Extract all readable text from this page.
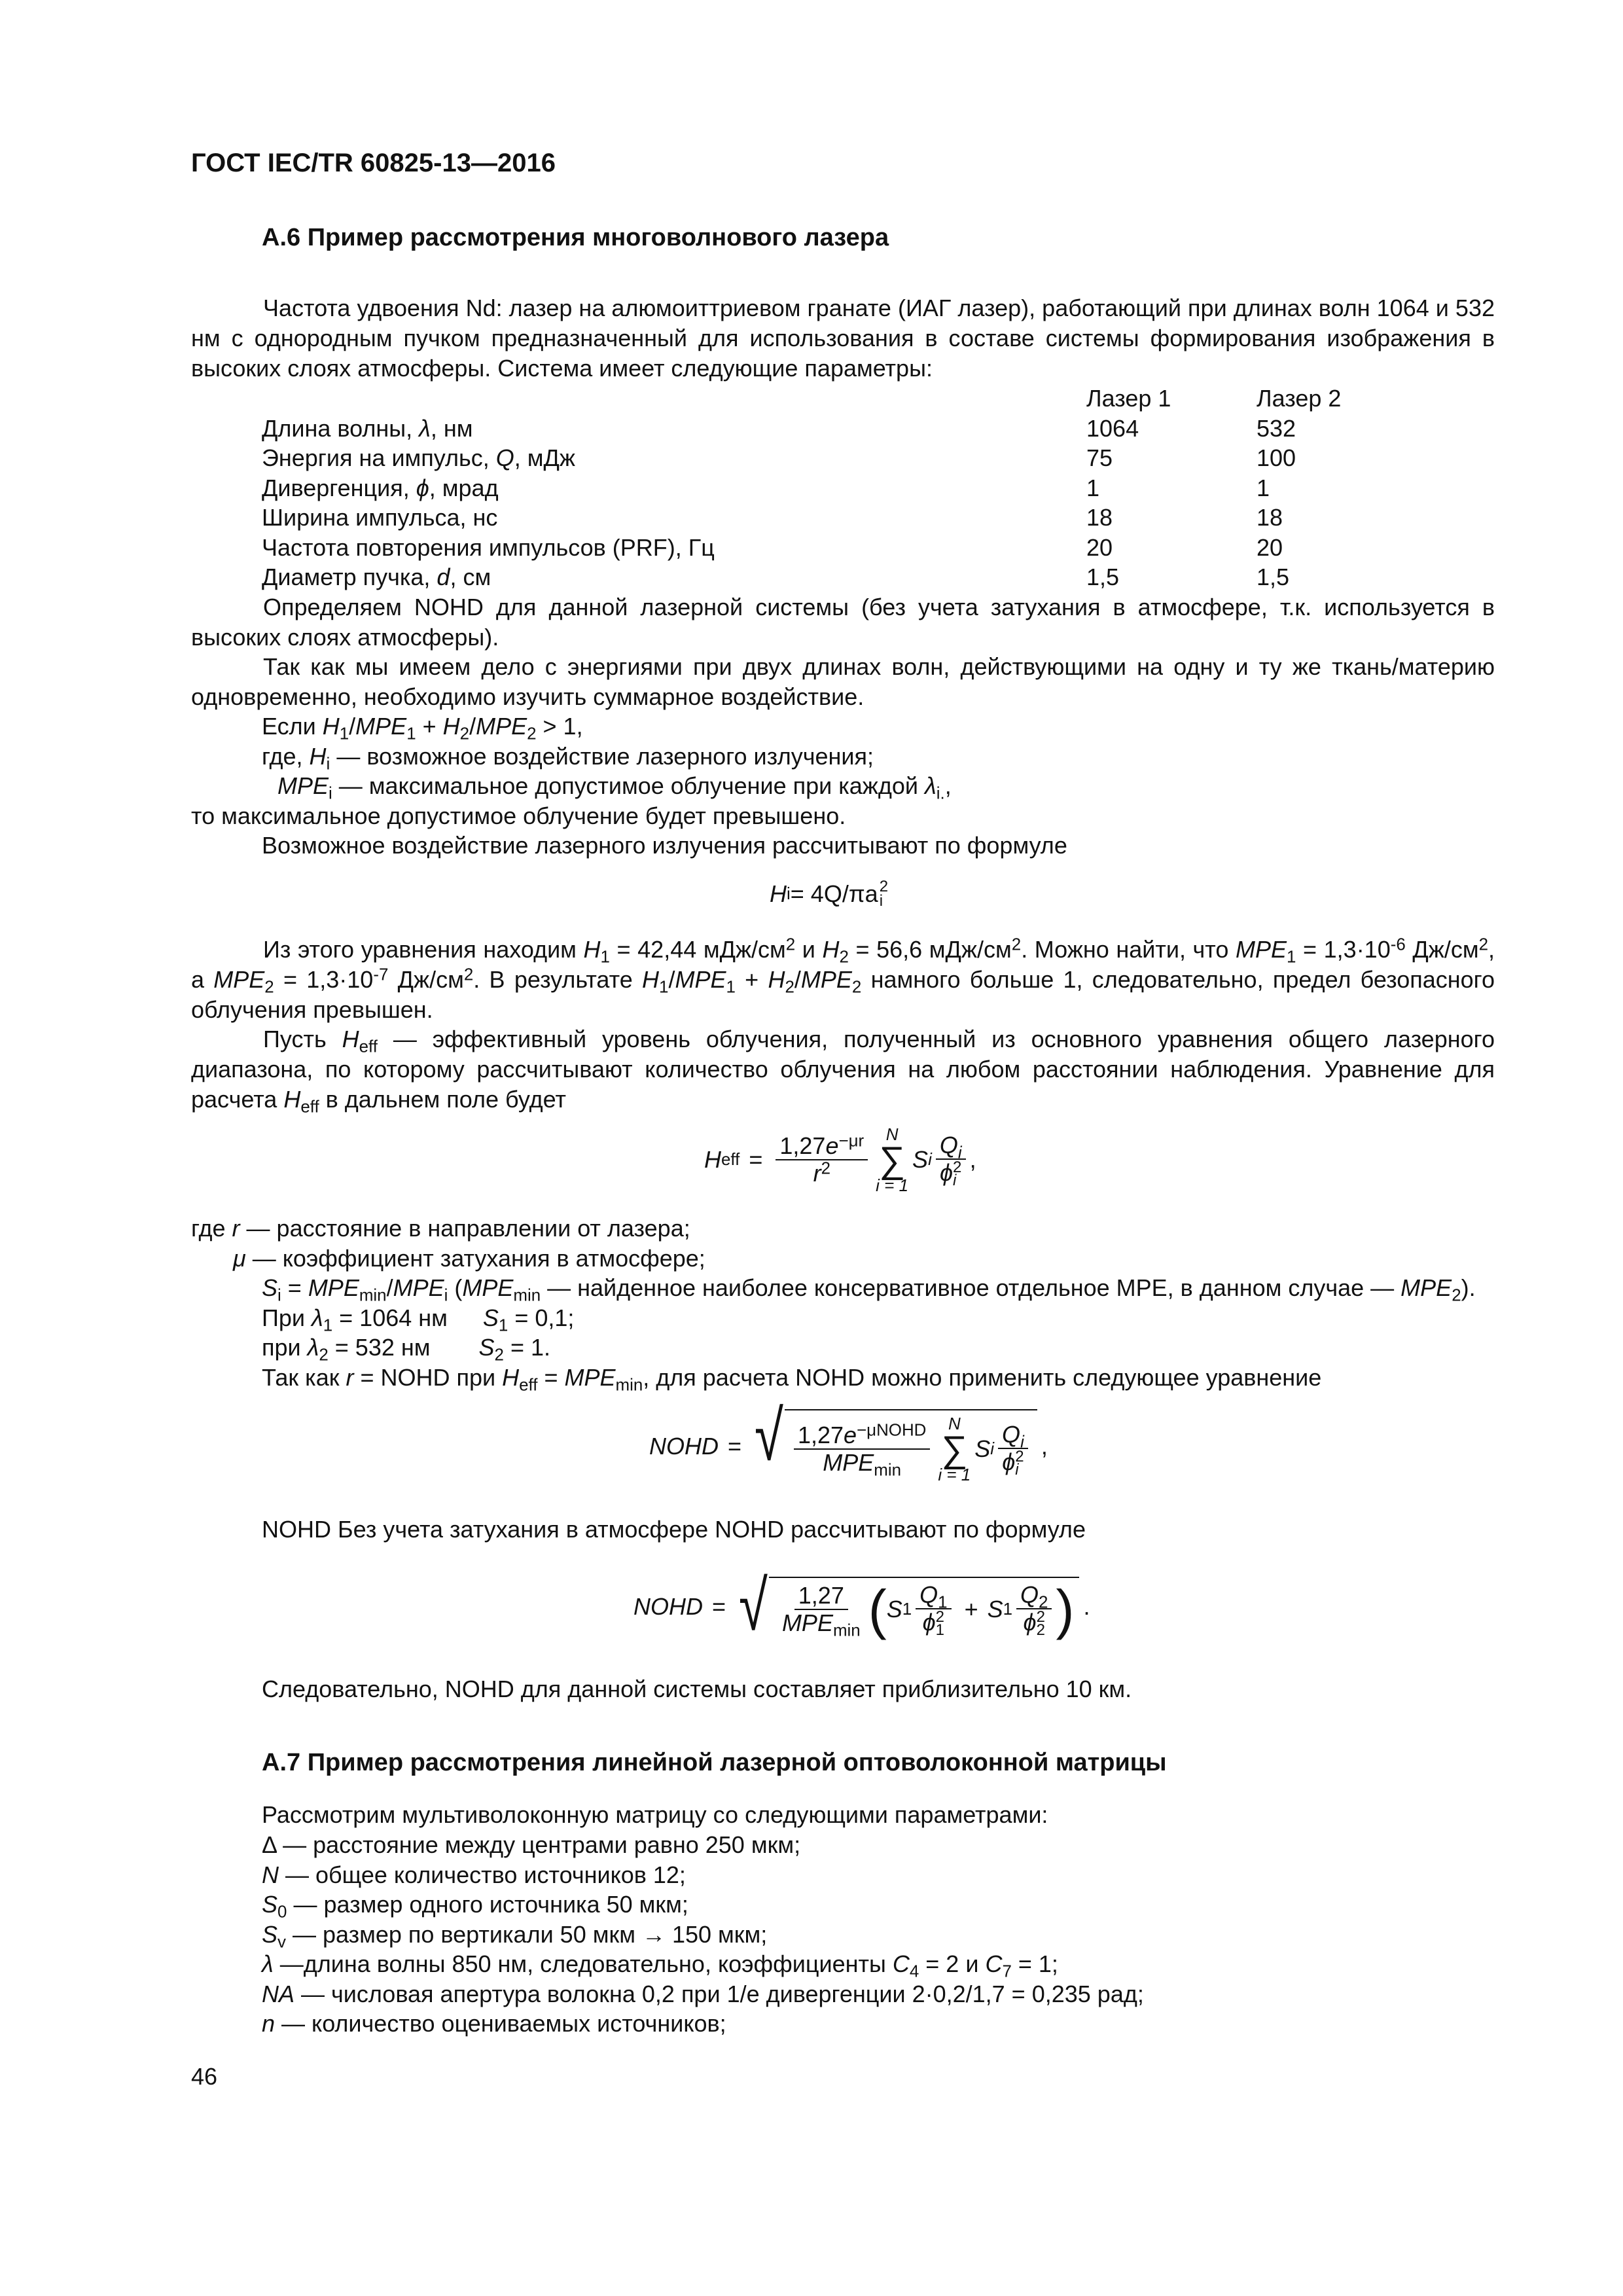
ГОСТ IEC/TR 60825-13—2016
А.6 Пример рассмотрения многоволнового лазера
Частота удвоения Nd: лазер на алюмоиттриевом гранате (ИАГ лазер), работающий при длинах волн 1064 и 532 нм с однородным пучком предназначенный для использования в составе системы формирования изображения в высоких слоях атмосферы. Система имеет следующие параметры:
	Лазер 1	Лазер 2
Длина волны, λ, нм	1064	532
Энергия на импульс, Q, мДж	75	100
Дивергенция, ϕ, мрад	1	1
Ширина импульса, нс	18	18
Частота повторения импульсов (PRF), Гц	20	20
Диаметр пучка, d, см	1,5	1,5
Определяем NOHD для данной лазерной системы (без учета затухания в атмосфере, т.к. используется в высоких слоях атмосферы).
Так как мы имеем дело с энергиями при двух длинах волн, действующими на одну и ту же ткань/материю одновременно, необходимо изучить суммарное воздействие.
Если $H_1/MPE_1 + H_2/MPE_2 > 1$,
где, $H_i$ — возможное воздействие лазерного излучения;
$MPE_i$ — максимальное допустимое облучение при каждой $\lambda_{i.}$,
то максимальное допустимое облучение будет превышено.
Возможное воздействие лазерного излучения рассчитывают по формуле
H i = 4Q/πa 2
i
Из этого уравнения находим $H_1 = 42,44$ мДж/$см^2$ и $H_2 = 56,6$ мДж/$см^2$. Можно найти, что $MPE_1 = 1,3\cdot 10^{-6}$ $Дж/см^2$, а $MPE_2 = 1,3\cdot 10^{-7}$ $Дж/см^2$. В результате $H_1/MPE_1 + H_2/MPE_2$ намного больше 1, следовательно, предел безопасного облучения превышен.
Пусть $H_{eff}$ — эффективный уровень облучения, полученный из основного уравнения общего лазерного диапазона, по которому рассчитывают количество облучения на любом расстоянии наблюдения. Уравнение для расчета $H_{eff}$ в дальнем поле будет
H eff = $\frac{1,27e^{-\mu r}}{r^2}$ N
∑
i = 1
S i $Q_i$
ϕ 2
i ,
где r — расстояние в направлении от лазера;
μ — коэффициент затухания в атмосфере;
$S_i = MPE_{min}/MPE_i$ ($MPE_{min}$ — найденное наиболее консервативное отдельное MPE, в данном случае — $MPE_2$).
При $\lambda_1 = 1064$ нм $S_1 = 0,1$;
при $\lambda_2 = 532$ нм $S_2 = 1$.
Так как r = NOHD при $H_{eff} = MPE_{min}$, для расчета NOHD можно применить следующее уравнение
NOHD = √ $\frac{1,27e^{-\mu NOHD}}{MPE_{min}}$ N
∑
i = 1
S i $Q_i$
ϕ 2
i ,
NOHD Без учета затухания в атмосфере NOHD рассчитывают по формуле
NOHD = √ $\frac{1,27}{MPE_{min}}$ ( S 1 $Q_1$
ϕ 2
1 + S 1 $Q_2$
ϕ 2
2 ) .
Следовательно, NOHD для данной системы составляет приблизительно 10 км.
А.7 Пример рассмотрения линейной лазерной оптоволоконной матрицы
Рассмотрим мультиволоконную матрицу со следующими параметрами:
Δ — расстояние между центрами равно 250 мкм;
N — общее количество источников 12;
$S_0$ — размер одного источника 50 мкм;
$S_v$ — размер по вертикали 50 мкм → 150 мкм;
λ —длина волны 850 нм, следовательно, коэффициенты $C_4 = 2$ и $C_7 = 1$;
NA — числовая апертура волокна 0,2 при 1/e дивергенции 2·0,2/1,7 = 0,235 рад;
n — количество оцениваемых источников;
46
